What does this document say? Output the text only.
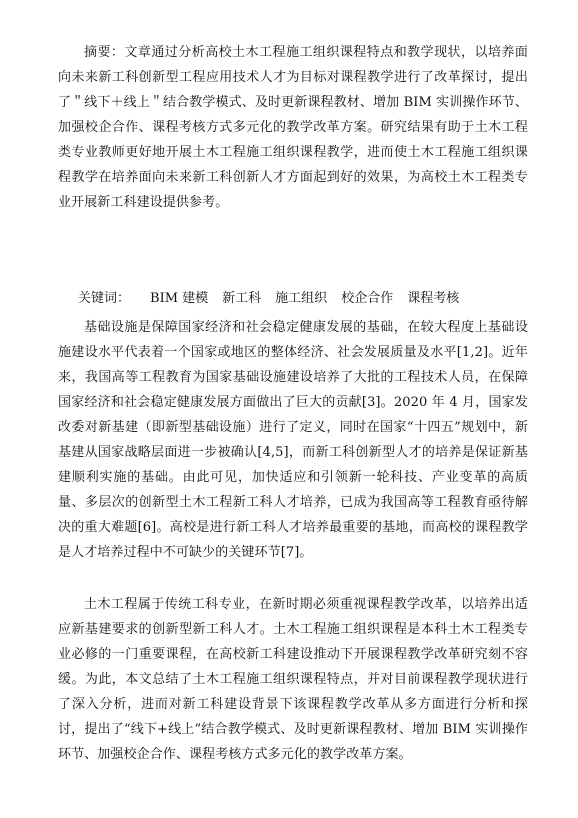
摘要：文章通过分析高校土木工程施工组织课程特点和教学现状，以培养面向未来新工科创新型工程应用技术人才为目标对课程教学进行了改革探讨，提出了＂线下＋线上＂结合教学模式、及时更新课程教材、增加 BIM 实训操作环节、加强校企合作、课程考核方式多元化的教学改革方案。研究结果有助于土木工程类专业教师更好地开展土木工程施工组织课程教学，进而使土木工程施工组织课程教学在培养面向未来新工科创新人才方面起到好的效果，为高校土木工程类专业开展新工科建设提供参考。

关键词： BIM 建模 新工科 施工组织 校企合作 课程考核

基础设施是保障国家经济和社会稳定健康发展的基础，在较大程度上基础设施建设水平代表着一个国家或地区的整体经济、社会发展质量及水平[1,2]。近年来，我国高等工程教育为国家基础设施建设培养了大批的工程技术人员，在保障国家经济和社会稳定健康发展方面做出了巨大的贡献[3]。2020 年 4 月，国家发改委对新基建（即新型基础设施）进行了定义，同时在国家“十四五”规划中，新基建从国家战略层面进一步被确认[4,5]，而新工科创新型人才的培养是保证新基建顺利实施的基础。由此可见，加快适应和引领新一轮科技、产业变革的高质量、多层次的创新型土木工程新工科人才培养，已成为我国高等工程教育亟待解决的重大难题[6]。高校是进行新工科人才培养最重要的基地，而高校的课程教学是人才培养过程中不可缺少的关键环节[7]。

土木工程属于传统工科专业，在新时期必须重视课程教学改革，以培养出适应新基建要求的创新型新工科人才。土木工程施工组织课程是本科土木工程类专业必修的一门重要课程，在高校新工科建设推动下开展课程教学改革研究刻不容缓。为此，本文总结了土木工程施工组织课程特点，并对目前课程教学现状进行了深入分析，进而对新工科建设背景下该课程教学改革从多方面进行分析和探讨，提出了“线下+线上”结合教学模式、及时更新课程教材、增加 BIM 实训操作环节、加强校企合作、课程考核方式多元化的教学改革方案。
